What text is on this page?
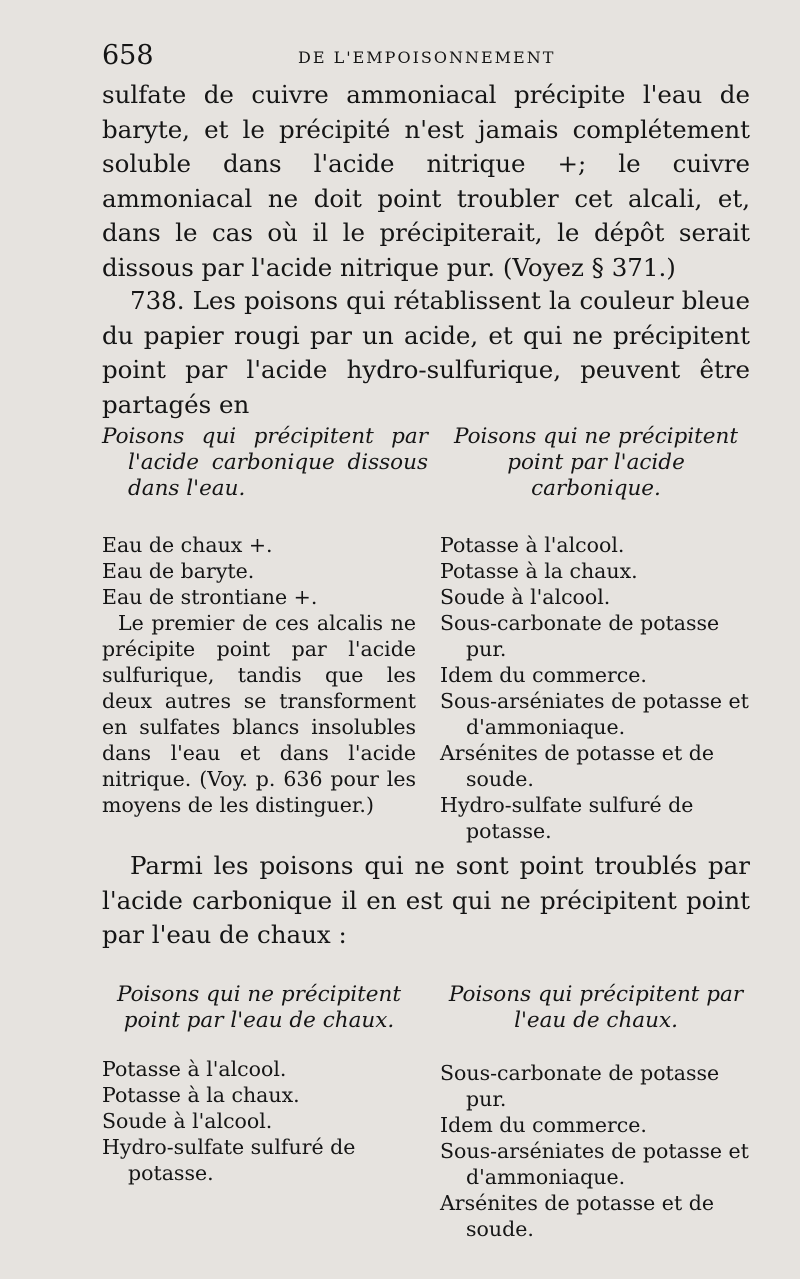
658	DE L'EMPOISONNEMENT

sulfate de cuivre ammoniacal précipite l'eau de baryte, et le précipité n'est jamais complétement soluble dans l'acide nitrique +; le cuivre ammoniacal ne doit point troubler cet alcali, et, dans le cas où il le précipiterait, le dépôt serait dissous par l'acide nitrique pur. (Voyez § 371.)

738. Les poisons qui rétablissent la couleur bleue du papier rougi par un acide, et qui ne précipitent point par l'acide hydro-sulfurique, peuvent être partagés en

Poisons qui précipitent par l'acide carbonique dissous dans l'eau.

Poisons qui ne précipitent point par l'acide carbonique.

Eau de chaux +.
Eau de baryte.
Eau de strontiane +.

Le premier de ces alcalis ne précipite point par l'acide sulfurique, tandis que les deux autres se transforment en sulfates blancs insolubles dans l'eau et dans l'acide nitrique. (Voy. p. 636 pour les moyens de les distinguer.)

Potasse à l'alcool.
Potasse à la chaux.
Soude à l'alcool.
Sous-carbonate de potasse pur.
Idem du commerce.
Sous-arséniates de potasse et d'ammoniaque.
Arsénites de potasse et de soude.
Hydro-sulfate sulfuré de potasse.

Parmi les poisons qui ne sont point troublés par l'acide carbonique il en est qui ne précipitent point par l'eau de chaux :

Poisons qui ne précipitent point par l'eau de chaux.

Poisons qui précipitent par l'eau de chaux.

Potasse à l'alcool.
Potasse à la chaux.
Soude à l'alcool.
Hydro-sulfate sulfuré de potasse.
Sous-carbonate de potasse pur.
Idem du commerce.
Sous-arséniates de potasse et d'ammoniaque.
Arsénites de potasse et de soude.
